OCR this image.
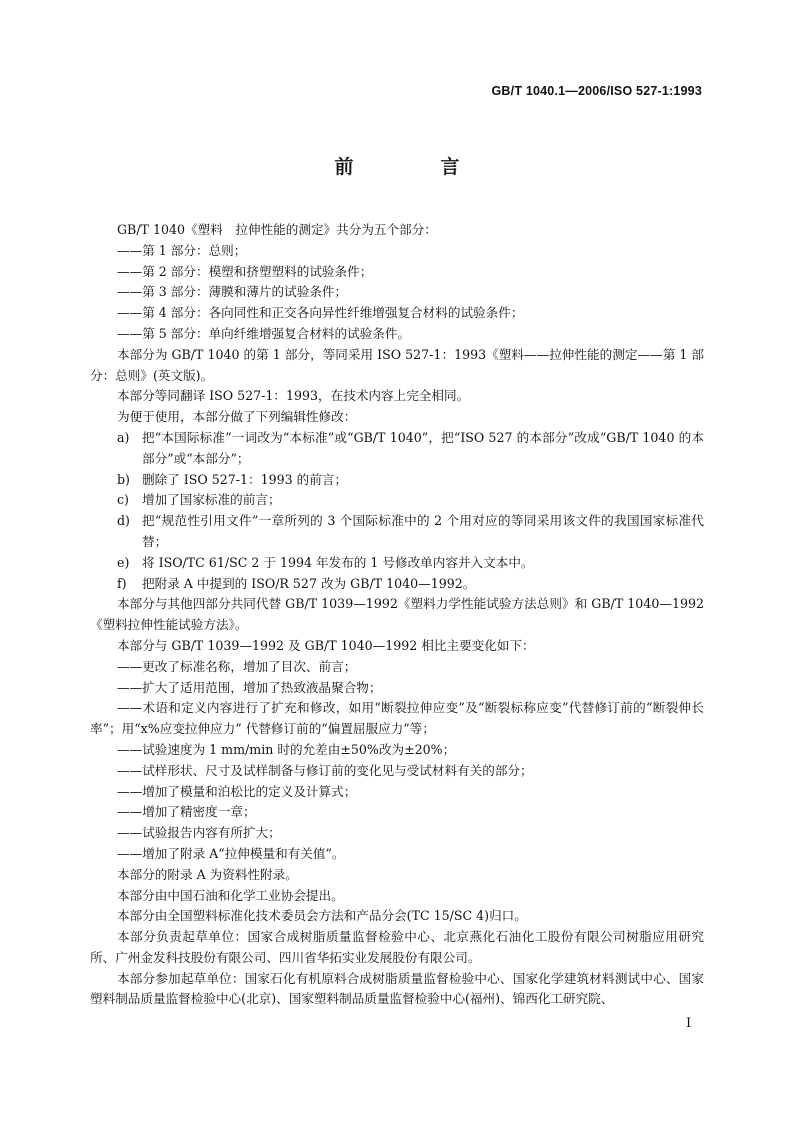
GB/T 1040.1—2006/ISO 527-1:1993
前　言

GB/T 1040《塑料　拉伸性能的测定》共分为五个部分：

——第 1 部分：总则；

——第 2 部分：模塑和挤塑塑料的试验条件；

——第 3 部分：薄膜和薄片的试验条件；

——第 4 部分：各向同性和正交各向异性纤维增强复合材料的试验条件；

——第 5 部分：单向纤维增强复合材料的试验条件。

本部分为 GB/T 1040 的第 1 部分，等同采用 ISO 527-1：1993《塑料——拉伸性能的测定——第 1 部分：总则》(英文版)。

本部分等同翻译 ISO 527-1：1993，在技术内容上完全相同。

为便于使用，本部分做了下列编辑性修改：

a) 把“本国际标准”一词改为“本标准”或“GB/T 1040”，把“ISO 527 的本部分”改成“GB/T 1040 的本部分”或“本部分”；
b) 删除了 ISO 527-1：1993 的前言；
c) 增加了国家标准的前言；
d) 把“规范性引用文件”一章所列的 3 个国际标准中的 2 个用对应的等同采用该文件的我国国家标准代替；
e) 将 ISO/TC 61/SC 2 于 1994 年发布的 1 号修改单内容并入文本中。
f) 把附录 A 中提到的 ISO/R 527 改为 GB/T 1040—1992。

本部分与其他四部分共同代替 GB/T 1039—1992《塑料力学性能试验方法总则》和 GB/T 1040—1992《塑料拉伸性能试验方法》。

本部分与 GB/T 1039—1992 及 GB/T 1040—1992 相比主要变化如下：

——更改了标准名称，增加了目次、前言；

——扩大了适用范围，增加了热致液晶聚合物；

——术语和定义内容进行了扩充和修改，如用“断裂拉伸应变”及“断裂标称应变”代替修订前的“断裂伸长率”；用“x%应变拉伸应力” 代替修订前的“偏置屈服应力”等；

——试验速度为 1 mm/min 时的允差由±50%改为±20%；

——试样形状、尺寸及试样制备与修订前的变化见与受试材料有关的部分；

——增加了模量和泊松比的定义及计算式；

——增加了精密度一章；

——试验报告内容有所扩大；

——增加了附录 A“拉伸模量和有关值”。

本部分的附录 A 为资料性附录。

本部分由中国石油和化学工业协会提出。

本部分由全国塑料标准化技术委员会方法和产品分会(TC 15/SC 4)归口。

本部分负责起草单位：国家合成树脂质量监督检验中心、北京燕化石油化工股份有限公司树脂应用研究所、广州金发科技股份有限公司、四川省华拓实业发展股份有限公司。

本部分参加起草单位：国家石化有机原料合成树脂质量监督检验中心、国家化学建筑材料测试中心、国家塑料制品质量监督检验中心(北京)、国家塑料制品质量监督检验中心(福州)、锦西化工研究院、

I
